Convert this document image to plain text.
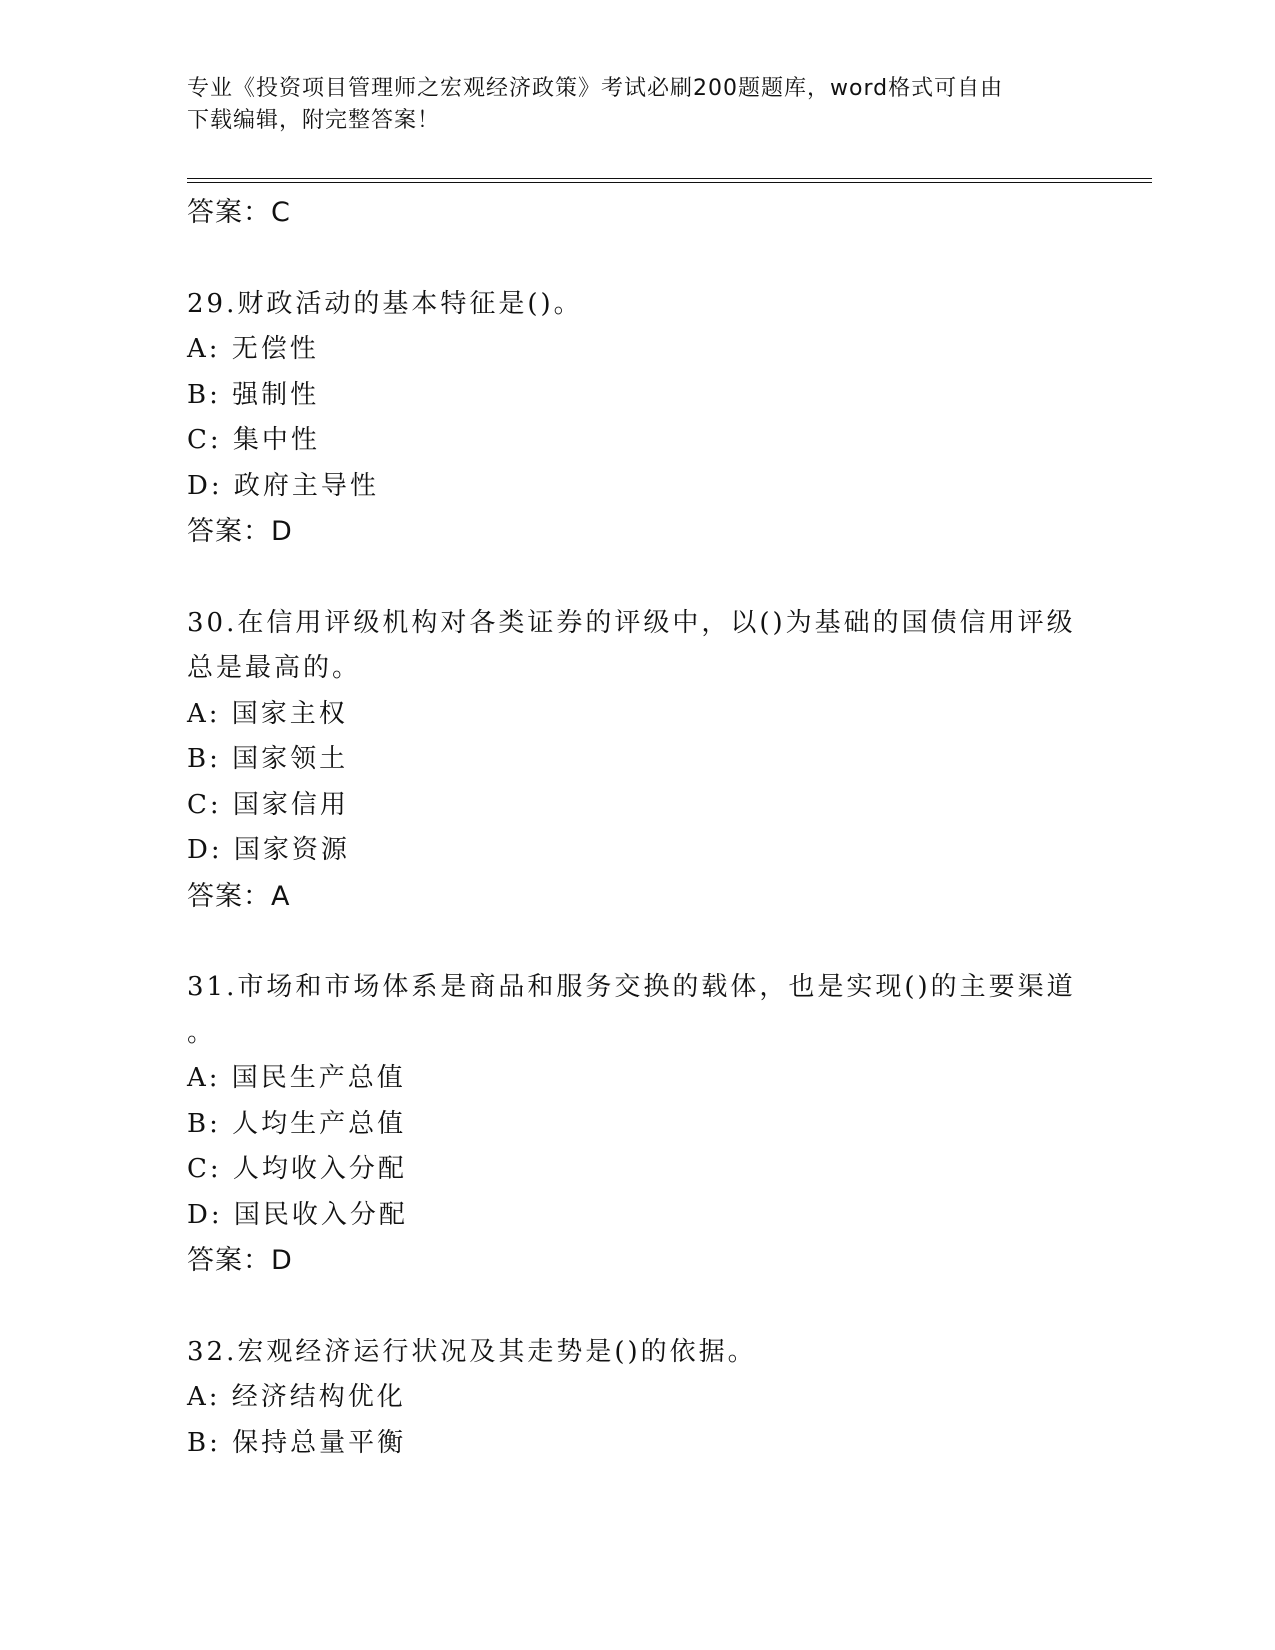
专业《投资项目管理师之宏观经济政策》考试必刷200题题库，word格式可自由
下载编辑，附完整答案！
答案：C
29.财政活动的基本特征是()。
A: 无偿性
B: 强制性
C: 集中性
D: 政府主导性
答案：D
30.在信用评级机构对各类证券的评级中，以()为基础的国债信用评级
总是最高的。
A: 国家主权
B: 国家领土
C: 国家信用
D: 国家资源
答案：A
31.市场和市场体系是商品和服务交换的载体，也是实现()的主要渠道
。
A: 国民生产总值
B: 人均生产总值
C: 人均收入分配
D: 国民收入分配
答案：D
32.宏观经济运行状况及其走势是()的依据。
A: 经济结构优化
B: 保持总量平衡
